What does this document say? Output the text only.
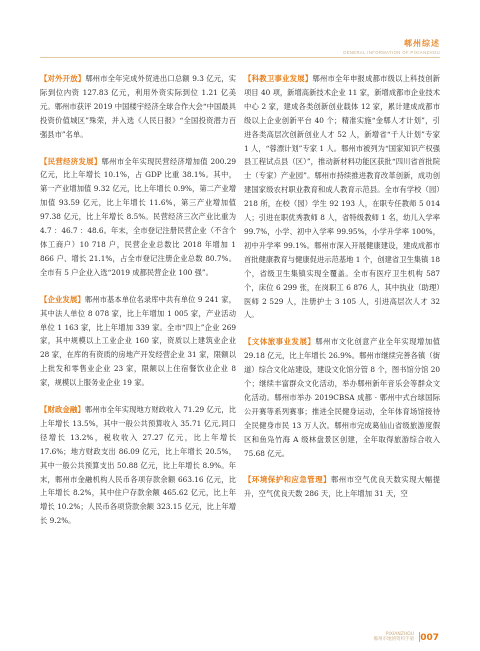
郫州综述
GENERAL INFORMATION OF PIXIANZHOU

【对外开放】郫州市全年完成外贸进出口总额 9.3 亿元，实际到位内资 127.83 亿元，利用外资实际到位 1.21 亿美元。郫州市获评 2019 中国楼宇经济全球合作大会“中国最具投资价值城区”殊荣，并入选《人民日报》“全国投资潜力百强县市”名单。

【民营经济发展】郫州市全年实现民营经济增加值 200.29 亿元，比上年增长 10.1%，占 GDP 比重 38.1%。其中，第一产业增加值 9.32 亿元，比上年增长 0.9%，第二产业增加值 93.59 亿元，比上年增长 11.6%，第三产业增加值 97.38 亿元，比上年增长 8.5%。民营经济三次产业比重为 4.7 ：46.7 ：48.6。年末，全市登记注册民营企业（不含个体工商户）10 718 户，民营企业总数比 2018 年增加 1 866 户、增长 21.1%，占全市登记注册企业总数 80.7%。全市有 5 户企业入选“2019 成都民营企业 100 强”。

【企业发展】郫州市基本单位名录库中共有单位 9 241 家，其中法人单位 8 078 家，比上年增加 1 005 家，产业活动单位 1 163 家，比上年增加 339 家。全市“四上”企业 269 家，其中规模以上工业企业 160 家，资质以上建筑业企业 28 家，在库的有资质的房地产开发经营企业 31 家，限额以上批发和零售业企业 23 家，限额以上住宿餐饮业企业 8 家，规模以上服务业企业 19 家。

【财政金融】郫州市全年实现地方财政收入 71.29 亿元，比上年增长 13.5%，其中一般公共预算收入 35.71 亿元,同口径增长 13.2%，税收收入 27.27 亿元，比上年增长 17.6%；地方财政支出 86.09 亿元，比上年增长 20.5%，其中一般公共预算支出 50.88 亿元，比上年增长 8.9%。年末，郫州市金融机构人民币各项存款余额 663.16 亿元，比上年增长 8.2%，其中住户存款余额 465.62 亿元，比上年增长 10.2%；人民币各项贷款余额 323.15 亿元，比上年增长 9.2%。

【科教卫事业发展】郫州市全年申报成都市级以上科技创新项目 40 项，新增高新技术企业 11 家，新增成都市企业技术中心 2 家，建成各类创新创业载体 12 家，累计建成成都市级以上企业创新平台 40 个；精准实施“金郫人才计划”，引进各类高层次创新创业人才 52 人，新增省“千人计划”专家 1 人，“蓉漂计划”专家 1 人。郫州市被列为“国家知识产权强县工程试点县（区）”，推动新材料功能区获批“四川省首批院士（专家）产业园”。郫州市持续推进教育改革创新，成功创建国家级农村职业教育和成人教育示范县。全市有学校（园）218 所，在校（园）学生 92 193 人，在职专任教师 5 014 人；引进在职优秀教师 8 人，省特级教师 1 名，幼儿入学率 99.7%，小学、初中入学率 99.95%，小学升学率 100%，初中升学率 99.1%。郫州市深入开展健康建设，建成成都市首批健康教育与健康促进示范基地 1 个，创建省卫生集镇 18 个，省级卫生集镇实现全覆盖。全市有医疗卫生机构 587 个，床位 6 299 张，在岗职工 6 876 人，其中执业（助理）医师 2 529 人，注册护士 3 105 人，引进高层次人才 32 人。

【文体旅事业发展】郫州市文化创意产业全年实现增加值 29.18 亿元，比上年增长 26.9%。郫州市继续完善各镇（街道）综合文化站建设，建设文化馆分管 8 个，图书馆分馆 20 个；继续丰富群众文化活动，举办郫州新年音乐会等群众文化活动。郫州市举办 2019CBSA 成都 · 郫州中式台球国际公开赛等系列赛事；推进全民健身运动，全年体育场馆接待全民健身市民 13 万人次。郫州市完成葛仙山省级旅游度假区和鱼凫竹海 A 级林盘景区创建，全年取得旅游综合收入 75.68 亿元。

【环境保护和应急管理】郫州市空气优良天数实现大幅提升，空气优良天数 286 天，比上年增加 31 天，空

PIXIANZHOU
郫州市地情资料手册 007
